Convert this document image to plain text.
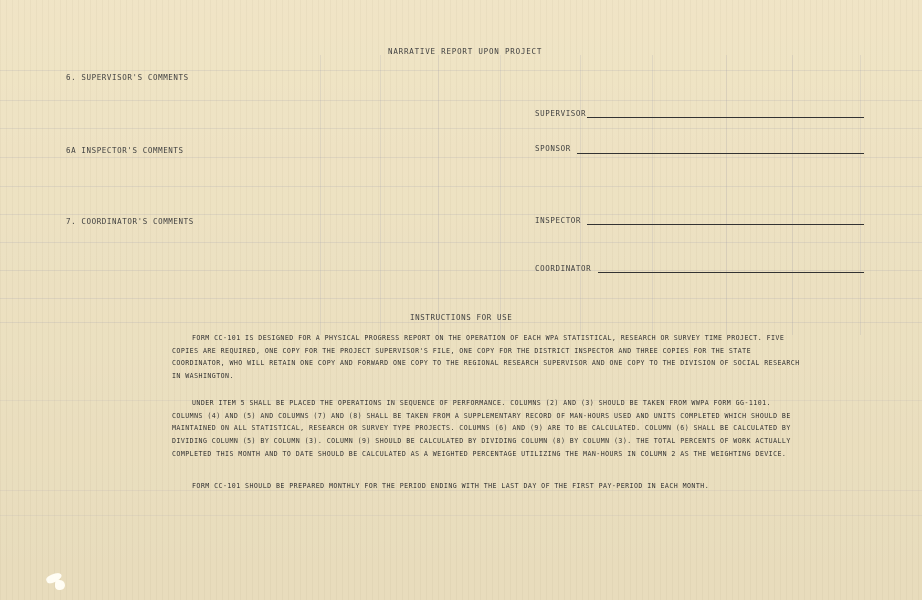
NARRATIVE REPORT UPON PROJECT
6. SUPERVISOR'S COMMENTS
6A INSPECTOR'S COMMENTS
7. COORDINATOR'S COMMENTS
SUPERVISOR
SPONSOR
INSPECTOR
COORDINATOR
INSTRUCTIONS FOR USE

FORM CC-101 IS DESIGNED FOR A PHYSICAL PROGRESS REPORT ON THE OPERATION OF EACH WPA STATISTICAL, RESEARCH OR SURVEY TIME PROJECT. FIVE COPIES ARE REQUIRED, ONE COPY FOR THE PROJECT SUPERVISOR'S FILE, ONE COPY FOR THE DISTRICT INSPECTOR AND THREE COPIES FOR THE STATE COORDINATOR, WHO WILL RETAIN ONE COPY AND FORWARD ONE COPY TO THE REGIONAL RESEARCH SUPERVISOR AND ONE COPY TO THE DIVISION OF SOCIAL RESEARCH IN WASHINGTON.

UNDER ITEM 5 SHALL BE PLACED THE OPERATIONS IN SEQUENCE OF PERFORMANCE. COLUMNS (2) AND (3) SHOULD BE TAKEN FROM WWPA FORM GG-1101. COLUMNS (4) AND (5) AND COLUMNS (7) AND (8) SHALL BE TAKEN FROM A SUPPLEMENTARY RECORD OF MAN-HOURS USED AND UNITS COMPLETED WHICH SHOULD BE MAINTAINED ON ALL STATISTICAL, RESEARCH OR SURVEY TYPE PROJECTS. COLUMNS (6) AND (9) ARE TO BE CALCULATED. COLUMN (6) SHALL BE CALCULATED BY DIVIDING COLUMN (5) BY COLUMN (3). COLUMN (9) SHOULD BE CALCULATED BY DIVIDING COLUMN (8) BY COLUMN (3). THE TOTAL PERCENTS OF WORK ACTUALLY COMPLETED THIS MONTH AND TO DATE SHOULD BE CALCULATED AS A WEIGHTED PERCENTAGE UTILIZING THE MAN-HOURS IN COLUMN 2 AS THE WEIGHTING DEVICE.

FORM CC-101 SHOULD BE PREPARED MONTHLY FOR THE PERIOD ENDING WITH THE LAST DAY OF THE FIRST PAY-PERIOD IN EACH MONTH.
